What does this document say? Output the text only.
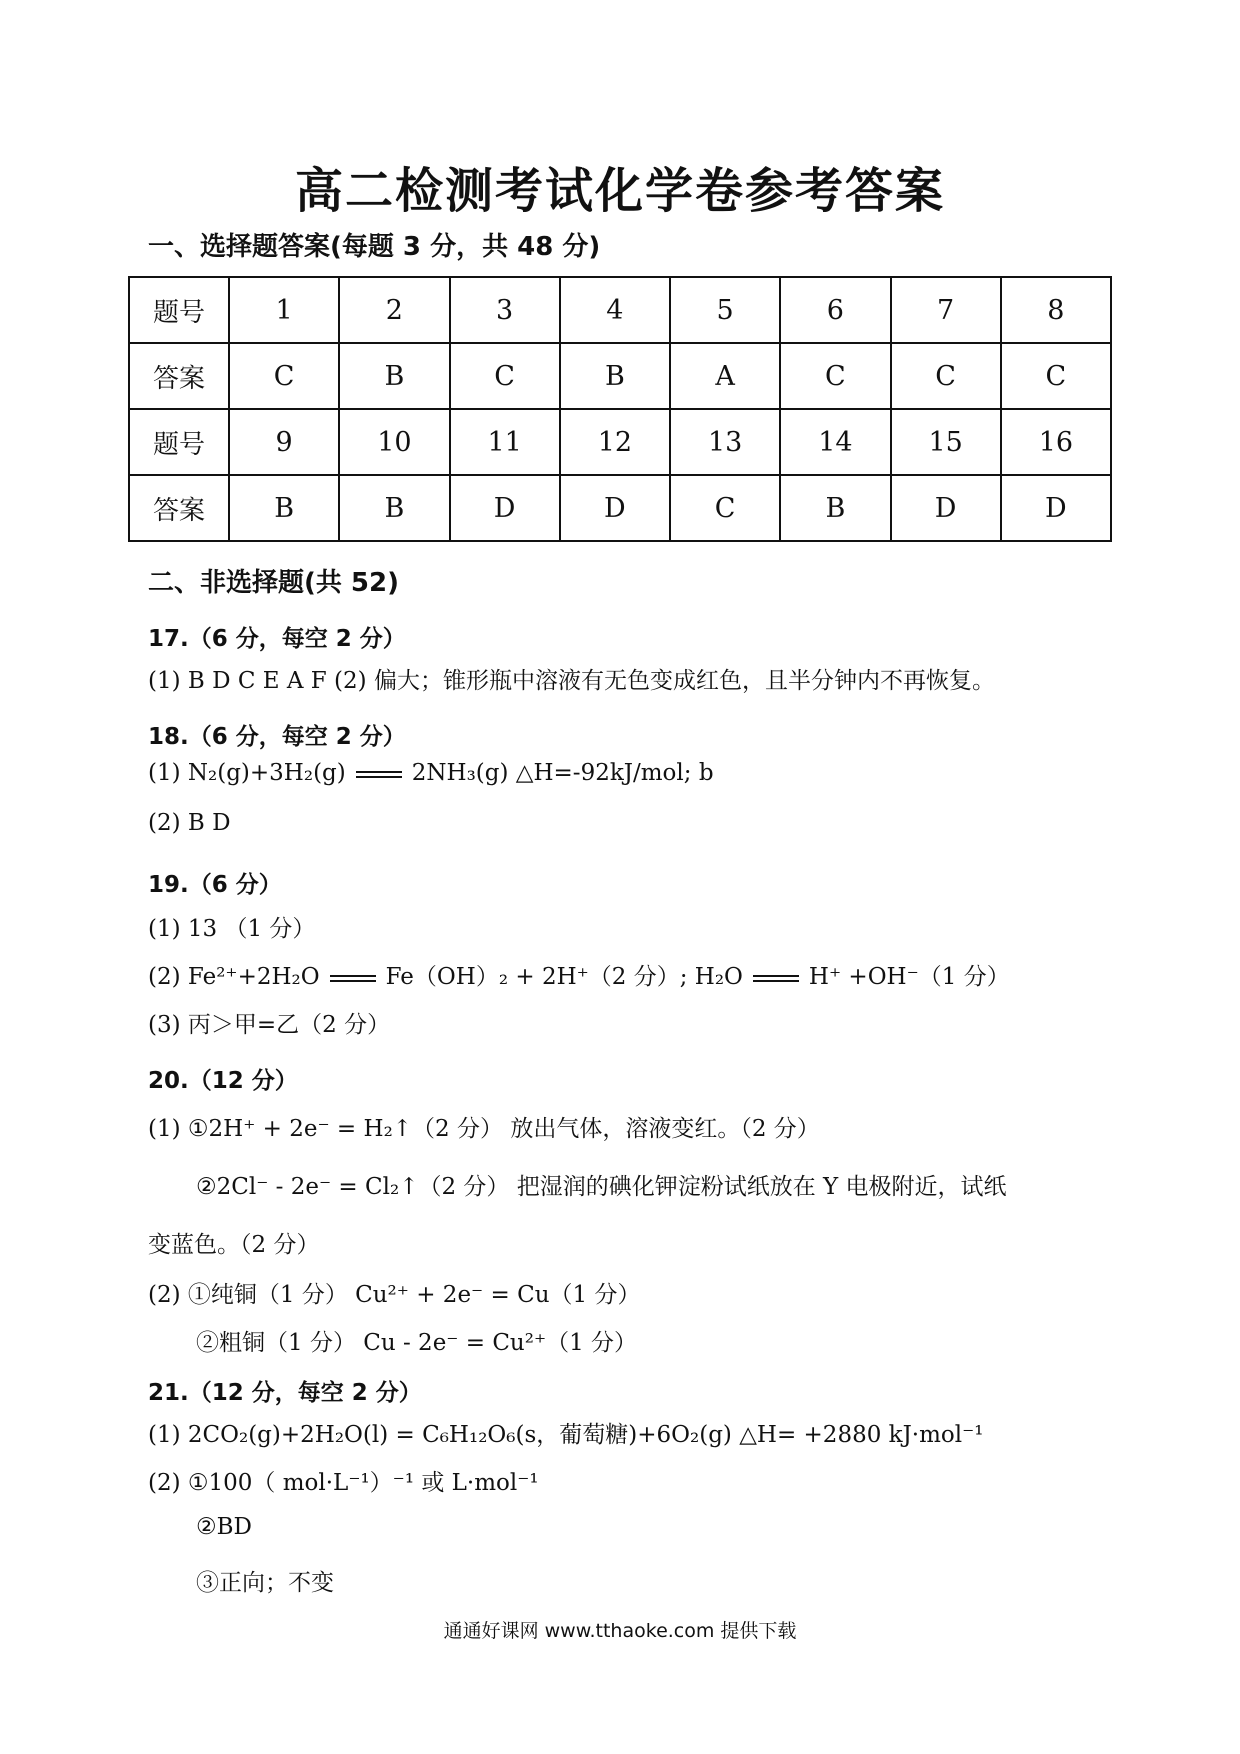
高二检测考试化学卷参考答案
一、选择题答案(每题 3 分，共 48 分)
题号	1	2	3	4	5	6	7	8
答案	C	B	C	B	A	C	C	C
题号	9	10	11	12	13	14	15	16
答案	B	B	D	D	C	B	D	D
二、非选择题(共 52)
17.（6 分，每空 2 分）
(1) B D C E A F (2) 偏大；锥形瓶中溶液有无色变成红色，且半分钟内不再恢复。
18.（6 分，每空 2 分）
(1) N₂(g)+3H₂(g)	2NH₃(g) △H=-92kJ/mol; b
(2) B D
19.（6 分）
(1) 13 （1 分）
(2) Fe²⁺+2H₂O	Fe（OH）₂ + 2H⁺（2 分）; H₂O	H⁺ +OH⁻（1 分）
(3) 丙＞甲=乙（2 分）
20.（12 分）
(1) ①2H⁺ + 2e⁻ = H₂↑（2 分） 放出气体，溶液变红。（2 分）
②2Cl⁻ - 2e⁻ = Cl₂↑（2 分） 把湿润的碘化钾淀粉试纸放在 Y 电极附近，试纸
变蓝色。（2 分）
(2) ①纯铜（1 分） Cu²⁺ + 2e⁻ = Cu（1 分）
②粗铜（1 分） Cu - 2e⁻ = Cu²⁺（1 分）
21.（12 分，每空 2 分）
(1) 2CO₂(g)+2H₂O(l) = C₆H₁₂O₆(s，葡萄糖)+6O₂(g) △H= +2880 kJ·mol⁻¹
(2) ①100（ mol·L⁻¹）⁻¹ 或 L·mol⁻¹
②BD
③正向；不变
通通好课网 www.tthaoke.com 提供下载
